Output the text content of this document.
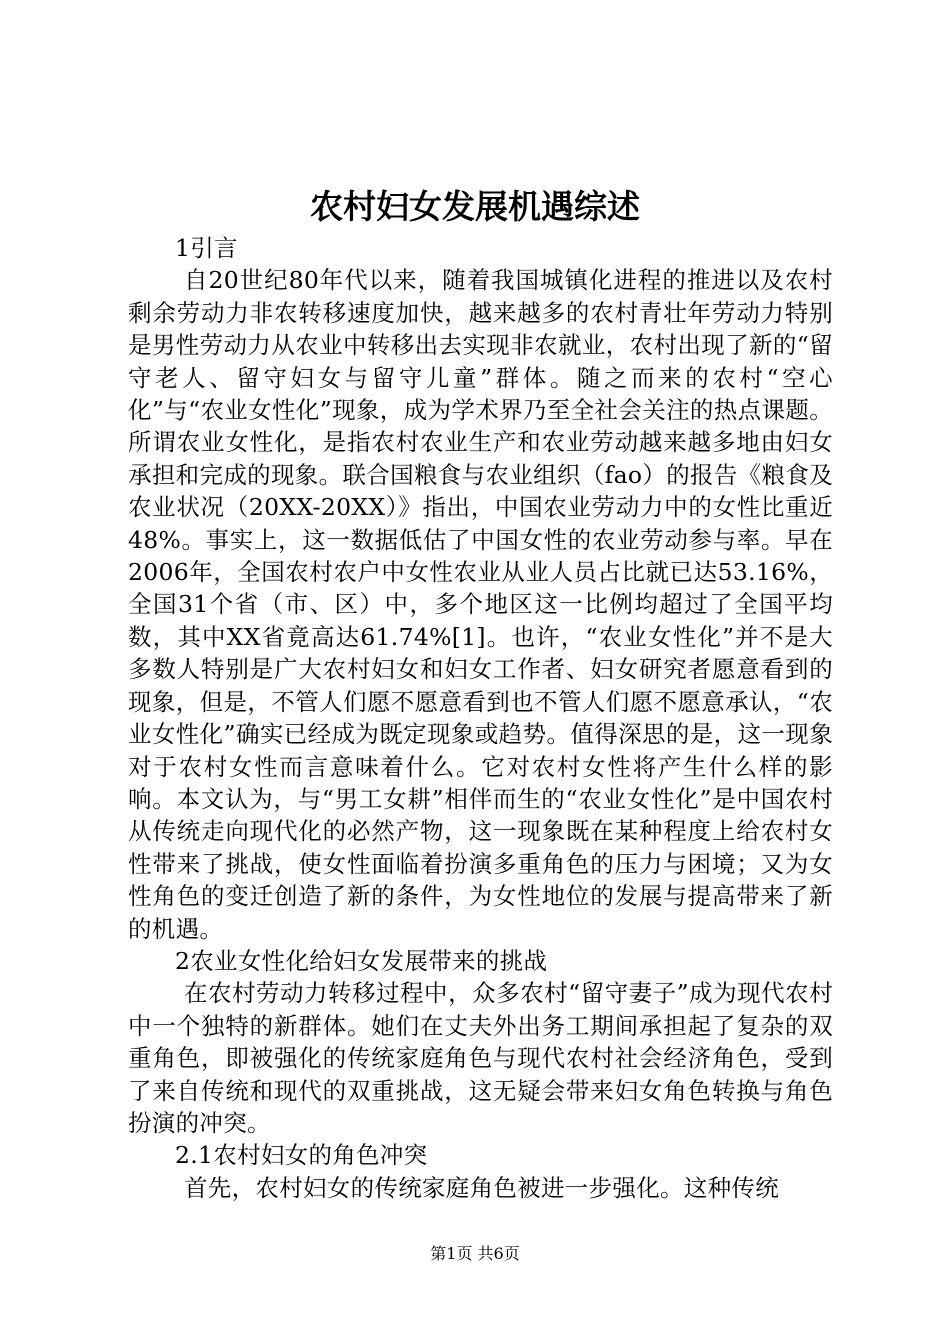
农村妇女发展机遇综述
1引言

自20世纪80年代以来，随着我国城镇化进程的推进以及农村剩余劳动力非农转移速度加快，越来越多的农村青壮年劳动力特别是男性劳动力从农业中转移出去实现非农就业，农村出现了新的“留守老人、留守妇女与留守儿童”群体。随之而来的农村“空心化”与“农业女性化”现象，成为学术界乃至全社会关注的热点课题。所谓农业女性化，是指农村农业生产和农业劳动越来越多地由妇女承担和完成的现象。联合国粮食与农业组织（fao）的报告《粮食及农业状况（20XX-20XX）》指出，中国农业劳动力中的女性比重近48%。事实上，这一数据低估了中国女性的农业劳动参与率。早在2006年，全国农村农户中女性农业从业人员占比就已达53.16%，全国31个省（市、区）中，多个地区这一比例均超过了全国平均数，其中XX省竟高达61.74%[1]。也许，“农业女性化”并不是大多数人特别是广大农村妇女和妇女工作者、妇女研究者愿意看到的现象，但是，不管人们愿不愿意看到也不管人们愿不愿意承认，“农业女性化”确实已经成为既定现象或趋势。值得深思的是，这一现象对于农村女性而言意味着什么。它对农村女性将产生什么样的影响。本文认为，与“男工女耕”相伴而生的“农业女性化”是中国农村从传统走向现代化的必然产物，这一现象既在某种程度上给农村女性带来了挑战，使女性面临着扮演多重角色的压力与困境；又为女性角色的变迁创造了新的条件，为女性地位的发展与提高带来了新的机遇。

2农业女性化给妇女发展带来的挑战

在农村劳动力转移过程中，众多农村“留守妻子”成为现代农村中一个独特的新群体。她们在丈夫外出务工期间承担起了复杂的双重角色，即被强化的传统家庭角色与现代农村社会经济角色，受到了来自传统和现代的双重挑战，这无疑会带来妇女角色转换与角色扮演的冲突。

2.1农村妇女的角色冲突

首先，农村妇女的传统家庭角色被进一步强化。这种传统

第1页 共6页
